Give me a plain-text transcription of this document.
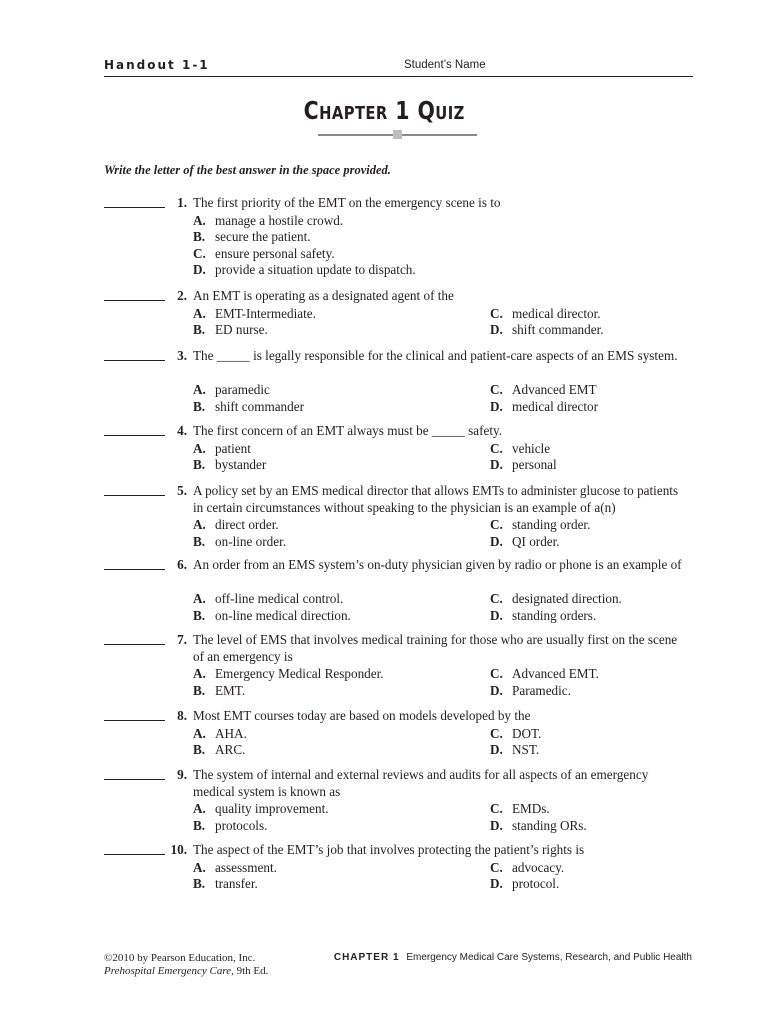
Handout 1-1	Student’s Name
Chapter 1 Quiz
Write the letter of the best answer in the space provided.
1. The first priority of the EMT on the emergency scene is to
A. manage a hostile crowd.
B. secure the patient.
C. ensure personal safety.
D. provide a situation update to dispatch.
2. An EMT is operating as a designated agent of the
A. EMT-Intermediate.
B. ED nurse.
C. medical director.
D. shift commander.
3. The _____ is legally responsible for the clinical and patient-care aspects of an EMS system.
A. paramedic
B. shift commander
C. Advanced EMT
D. medical director
4. The first concern of an EMT always must be _____ safety.
A. patient
B. bystander
C. vehicle
D. personal
5. A policy set by an EMS medical director that allows EMTs to administer glucose to patients in certain circumstances without speaking to the physician is an example of a(n)
A. direct order.
B. on-line order.
C. standing order.
D. QI order.
6. An order from an EMS system’s on-duty physician given by radio or phone is an example of
A. off-line medical control.
B. on-line medical direction.
C. designated direction.
D. standing orders.
7. The level of EMS that involves medical training for those who are usually first on the scene of an emergency is
A. Emergency Medical Responder.
B. EMT.
C. Advanced EMT.
D. Paramedic.
8. Most EMT courses today are based on models developed by the
A. AHA.
B. ARC.
C. DOT.
D. NST.
9. The system of internal and external reviews and audits for all aspects of an emergency medical system is known as
A. quality improvement.
B. protocols.
C. EMDs.
D. standing ORs.
10. The aspect of the EMT’s job that involves protecting the patient’s rights is
A. assessment.
B. transfer.
C. advocacy.
D. protocol.
©2010 by Pearson Education, Inc.
Prehospital Emergency Care, 9th Ed.
CHAPTER 1 Emergency Medical Care Systems, Research, and Public Health
